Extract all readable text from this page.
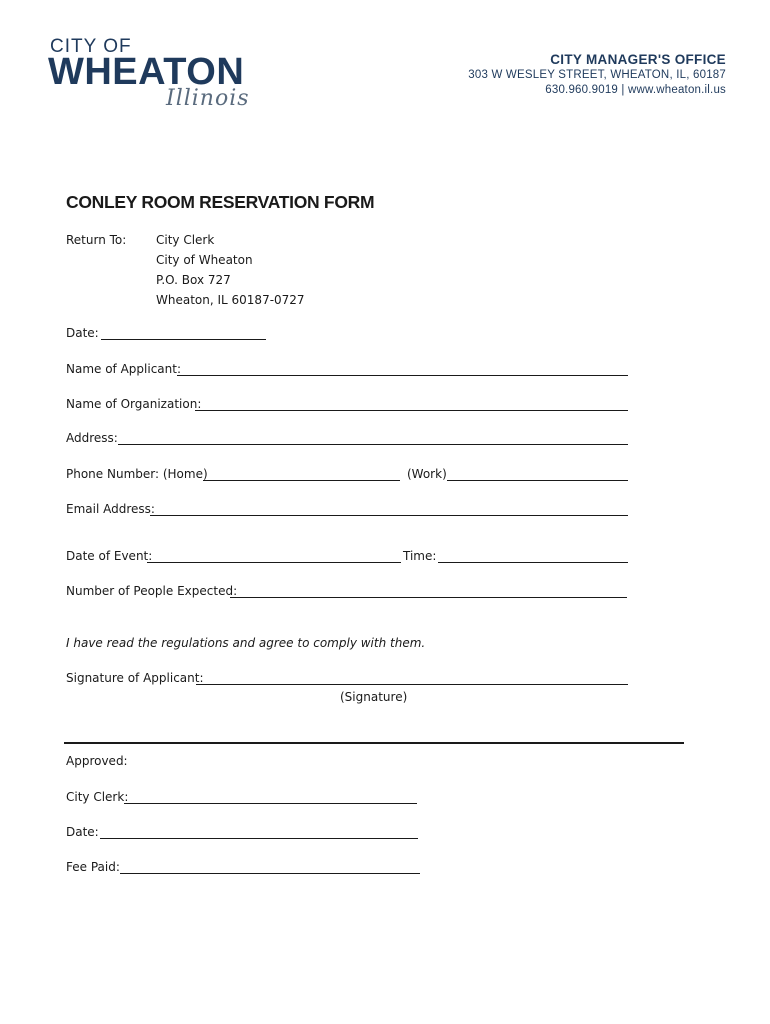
CITY OF
WHEATON
Illinois
CITY MANAGER'S OFFICE
303 W WESLEY STREET, WHEATON, IL, 60187
630.960.9019 | www.wheaton.il.us
CONLEY ROOM RESERVATION FORM
Return To: City Clerk
City of Wheaton
P.O. Box 727
Wheaton, IL 60187-0727
Date:
Name of Applicant:
Name of Organization:
Address:
Phone Number: (Home)	(Work)
Email Address:
Date of Event:	Time:
Number of People Expected:
I have read the regulations and agree to comply with them.
Signature of Applicant:
(Signature)
Approved:
City Clerk:
Date:
Fee Paid:
